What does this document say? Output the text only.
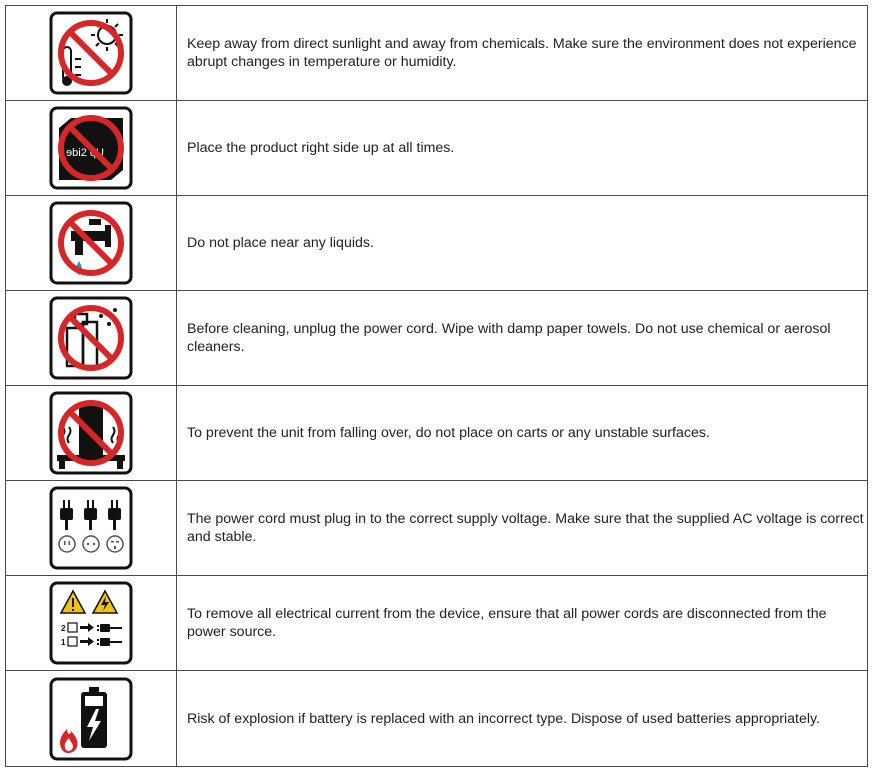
	Keep away from direct sunlight and away from chemicals. Make sure the environment does not experience abrupt changes in temperature or humidity.

ɘbi2 qU	Place the product right side up at all times.

	Do not place near any liquids.

	Before cleaning, unplug the power cord. Wipe with damp paper towels. Do not use chemical or aerosol cleaners.

	To prevent the unit from falling over, do not place on carts or any unstable surfaces.

	The power cord must plug in to the correct supply voltage. Make sure that the supplied AC voltage is correct and stable.

2
1	To remove all electrical current from the device, ensure that all power cords are disconnected from the power source.

	Risk of explosion if battery is replaced with an incorrect type. Dispose of used batteries appropriately.
